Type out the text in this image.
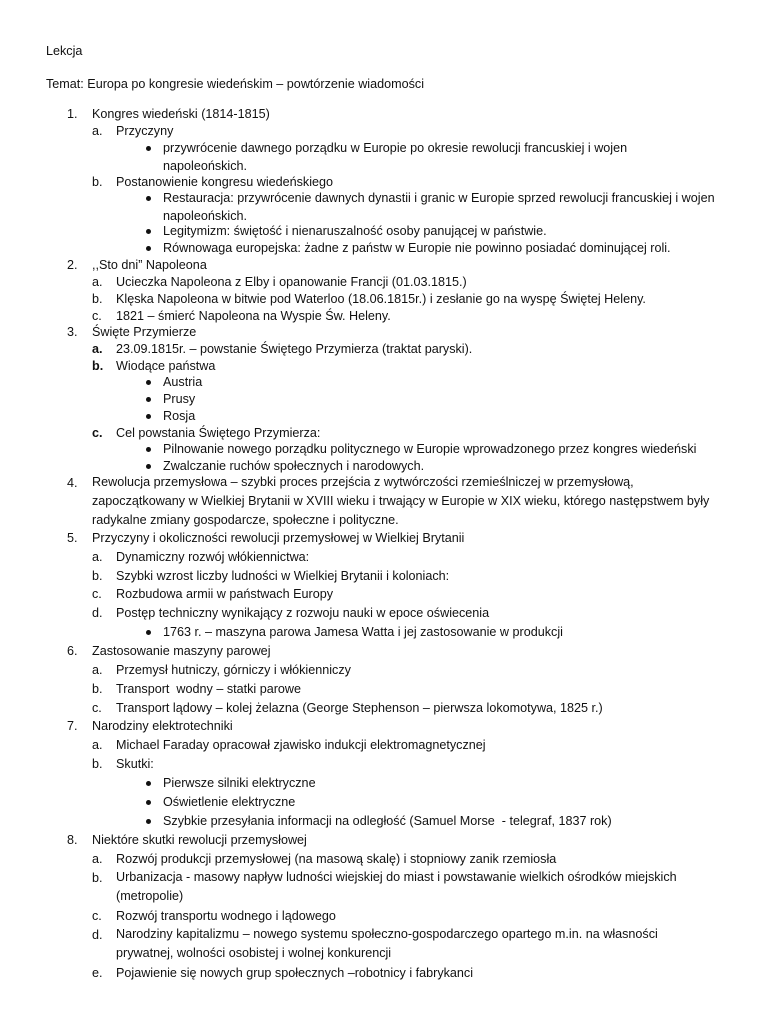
Lekcja
Temat: Europa po kongresie wiedeńskim – powtórzenie wiadomości
1. Kongres wiedeński (1814-1815)
a. Przyczyny
przywrócenie dawnego porządku w Europie po okresie rewolucji francuskiej i wojen napoleońskich.
b. Postanowienie kongresu wiedeńskiego
Restauracja: przywrócenie dawnych dynastii i granic w Europie sprzed rewolucji francuskiej i wojen napoleońskich.
Legitymizm: świętość i nienaruszalność osoby panującej w państwie.
Równowaga europejska: żadne z państw w Europie nie powinno posiadać dominującej roli.
2. ,,Sto dni” Napoleona
a. Ucieczka Napoleona z Elby i opanowanie Francji (01.03.1815.)
b. Klęska Napoleona w bitwie pod Waterloo (18.06.1815r.) i zesłanie go na wyspę Świętej Heleny.
c. 1821 – śmierć Napoleona na Wyspie Św. Heleny.
3. Święte Przymierze
a. 23.09.1815r. – powstanie Świętego Przymierza (traktat paryski).
b. Wiodące państwa
Austria
Prusy
Rosja
c. Cel powstania Świętego Przymierza:
Pilnowanie nowego porządku politycznego w Europie wprowadzonego przez kongres wiedeński
Zwalczanie ruchów społecznych i narodowych.
4. Rewolucja przemysłowa – szybki proces przejścia z wytwórczości rzemieślniczej w przemysłową, zapoczątkowany w Wielkiej Brytanii w XVIII wieku i trwający w Europie w XIX wieku, którego następstwem były radykalne zmiany gospodarcze, społeczne i polityczne.
5. Przyczyny i okoliczności rewolucji przemysłowej w Wielkiej Brytanii
a. Dynamiczny rozwój włókiennictwa:
b. Szybki wzrost liczby ludności w Wielkiej Brytanii i koloniach:
c. Rozbudowa armii w państwach Europy
d. Postęp techniczny wynikający z rozwoju nauki w epoce oświecenia
1763 r. – maszyna parowa Jamesa Watta i jej zastosowanie w produkcji
6. Zastosowanie maszyny parowej
a. Przemysł hutniczy, górniczy i włókienniczy
b. Transport  wodny – statki parowe
c. Transport lądowy – kolej żelazna (George Stephenson – pierwsza lokomotywa, 1825 r.)
7. Narodziny elektrotechniki
a. Michael Faraday opracował zjawisko indukcji elektromagnetycznej
b. Skutki:
Pierwsze silniki elektryczne
Oświetlenie elektryczne
Szybkie przesyłania informacji na odległość (Samuel Morse  - telegraf, 1837 rok)
8. Niektóre skutki rewolucji przemysłowej
a. Rozwój produkcji przemysłowej (na masową skalę) i stopniowy zanik rzemiosła
b. Urbanizacja - masowy napływ ludności wiejskiej do miast i powstawanie wielkich ośrodków miejskich (metropolie)
c. Rozwój transportu wodnego i lądowego
d. Narodziny kapitalizmu – nowego systemu społeczno-gospodarczego opartego m.in. na własności prywatnej, wolności osobistej i wolnej konkurencji
e. Pojawienie się nowych grup społecznych –robotnicy i fabrykanci
